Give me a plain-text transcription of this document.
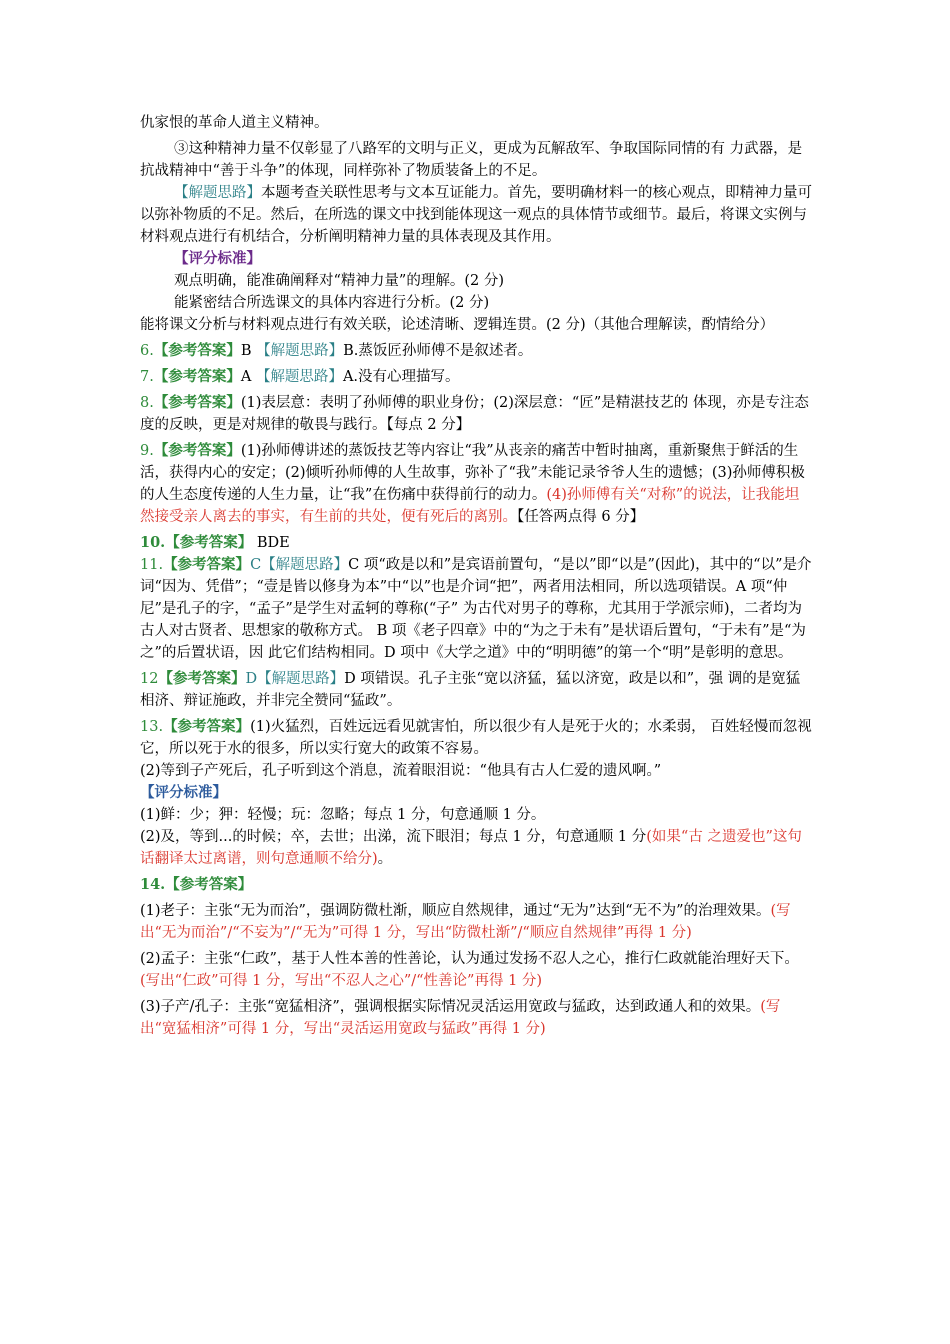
仇家恨的革命人道主义精神。

③这种精神力量不仅彰显了八路军的文明与正义，更成为瓦解敌军、争取国际同情的有 力武器，是抗战精神中“善于斗争”的体现，同样弥补了物质装备上的不足。

【解题思路】本题考查关联性思考与文本互证能力。首先，要明确材料一的核心观点，即精神力量可以弥补物质的不足。然后，在所选的课文中找到能体现这一观点的具体情节或细节。最后，将课文实例与材料观点进行有机结合，分析阐明精神力量的具体表现及其作用。

【评分标准】

观点明确，能准确阐释对“精神力量”的理解。(2 分)

能紧密结合所选课文的具体内容进行分析。(2 分)

能将课文分析与材料观点进行有效关联，论述清晰、逻辑连贯。(2 分)（其他合理解读，酌情给分）

6.【参考答案】B 【解题思路】B.蒸饭匠孙师傅不是叙述者。

7.【参考答案】A 【解题思路】A.没有心理描写。

8.【参考答案】(1)表层意：表明了孙师傅的职业身份；(2)深层意：“匠”是精湛技艺的 体现，亦是专注态度的反映，更是对规律的敬畏与践行。【每点 2 分】

9.【参考答案】(1)孙师傅讲述的蒸饭技艺等内容让“我”从丧亲的痛苦中暂时抽离，重新聚焦于鲜活的生活，获得内心的安定；(2)倾听孙师傅的人生故事，弥补了“我”未能记录爷爷人生的遗憾；(3)孙师傅积极的人生态度传递的人生力量，让“我”在伤痛中获得前行的动力。(4)孙师傅有关“对称”的说法，让我能坦然接受亲人离去的事实，有生前的共处，便有死后的离别。【任答两点得 6 分】

10.【参考答案】 BDE

11.【参考答案】C【解题思路】C 项“政是以和”是宾语前置句，“是以”即“以是”(因此)，其中的“以”是介词“因为、凭借”；“壹是皆以修身为本”中“以”也是介词“把”，两者用法相同，所以选项错误。A 项“仲尼”是孔子的字，“孟子”是学生对孟轲的尊称(“子” 为古代对男子的尊称，尤其用于学派宗师)，二者均为古人对古贤者、思想家的敬称方式。 B 项《老子四章》中的“为之于未有”是状语后置句，“于未有”是“为之”的后置状语，因 此它们结构相同。D 项中《大学之道》中的“明明德”的第一个“明”是彰明的意思。

12【参考答案】D【解题思路】D 项错误。孔子主张“宽以济猛，猛以济宽，政是以和”，强 调的是宽猛相济、辩证施政，并非完全赞同“猛政”。

13.【参考答案】(1)火猛烈，百姓远远看见就害怕，所以很少有人是死于火的；水柔弱， 百姓轻慢而忽视它，所以死于水的很多，所以实行宽大的政策不容易。

(2)等到子产死后，孔子听到这个消息，流着眼泪说：“他具有古人仁爱的遗风啊。”

【评分标准】

(1)鲜：少；狎：轻慢；玩：忽略；每点 1 分，句意通顺 1 分。

(2)及，等到...的时候；卒，去世；出涕，流下眼泪；每点 1 分，句意通顺 1 分(如果“古 之遗爱也”这句话翻译太过离谱，则句意通顺不给分)。

14.【参考答案】

(1)老子：主张“无为而治”，强调防微杜渐，顺应自然规律，通过“无为”达到“无不为”的治理效果。(写出“无为而治”/“不妄为”/“无为”可得 1 分，写出“防微杜渐”/“顺应自然规律”再得 1 分)

(2)孟子：主张“仁政”，基于人性本善的性善论，认为通过发扬不忍人之心，推行仁政就能治理好天下。(写出“仁政”可得 1 分，写出“不忍人之心”/“性善论”再得 1 分)

(3)子产/孔子：主张“宽猛相济”，强调根据实际情况灵活运用宽政与猛政，达到政通人和的效果。(写出“宽猛相济”可得 1 分，写出“灵活运用宽政与猛政”再得 1 分)
